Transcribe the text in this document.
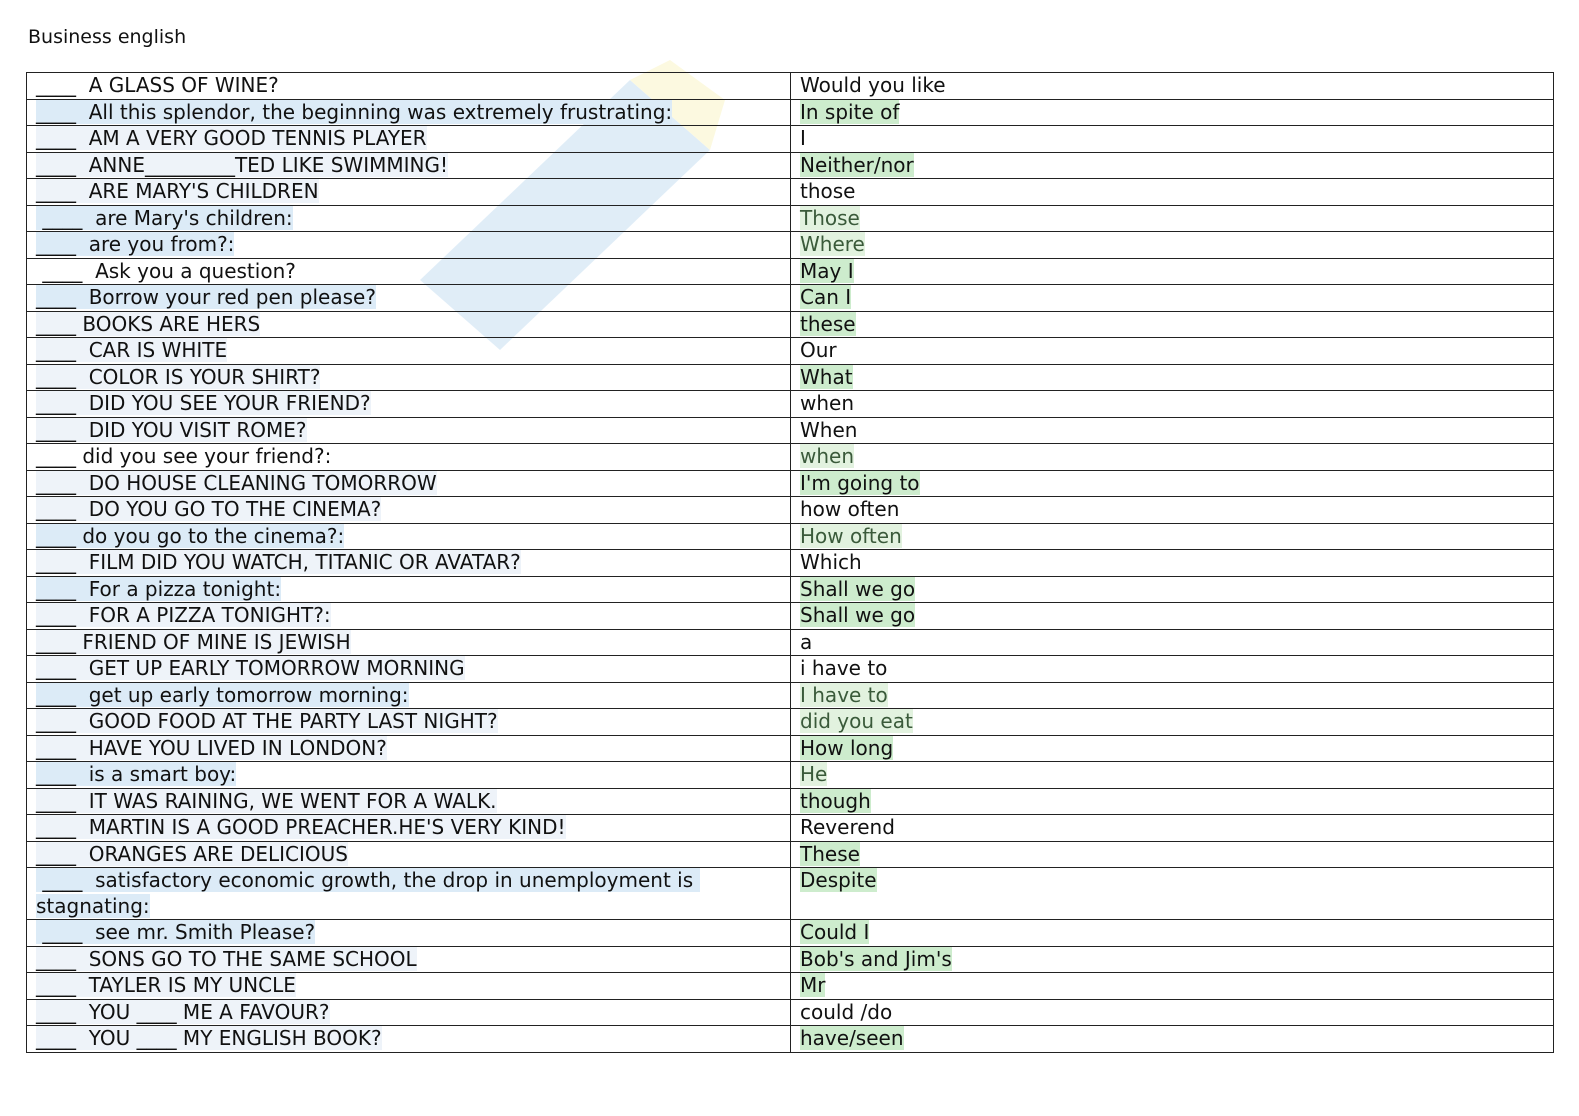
Business english
____  A GLASS OF WINE?	Would you like
____  All this splendor, the beginning was extremely frustrating:	In spite of
____  AM A VERY GOOD TENNIS PLAYER	I
____  ANNE_________TED LIKE SWIMMING!	Neither/nor
____  ARE MARY'S CHILDREN	those
____  are Mary's children:	Those
____  are you from?:	Where
____  Ask you a question?	May I
____  Borrow your red pen please?	Can I
____ BOOKS ARE HERS	these
____  CAR IS WHITE	Our
____  COLOR IS YOUR SHIRT?	What
____  DID YOU SEE YOUR FRIEND?	when
____  DID YOU VISIT ROME?	When
____ did you see your friend?:	when
____  DO HOUSE CLEANING TOMORROW	I'm going to
____  DO YOU GO TO THE CINEMA?	how often
____ do you go to the cinema?:	How often
____  FILM DID YOU WATCH, TITANIC OR AVATAR?	Which
____  For a pizza tonight:	Shall we go
____  FOR A PIZZA TONIGHT?:	Shall we go
____ FRIEND OF MINE IS JEWISH	a
____  GET UP EARLY TOMORROW MORNING	i have to
____  get up early tomorrow morning:	I have to
____  GOOD FOOD AT THE PARTY LAST NIGHT?	did you eat
____  HAVE YOU LIVED IN LONDON?	How long
____  is a smart boy:	He
____  IT WAS RAINING, WE WENT FOR A WALK.	though
____  MARTIN IS A GOOD PREACHER.HE'S VERY KIND!	Reverend
____  ORANGES ARE DELICIOUS	These
____  satisfactory economic growth, the drop in unemployment is stagnating:	Despite
____  see mr. Smith Please?	Could I
____  SONS GO TO THE SAME SCHOOL	Bob's and Jim's
____  TAYLER IS MY UNCLE	Mr
____  YOU ____ ME A FAVOUR?	could /do
____  YOU ____ MY ENGLISH BOOK?	have/seen
